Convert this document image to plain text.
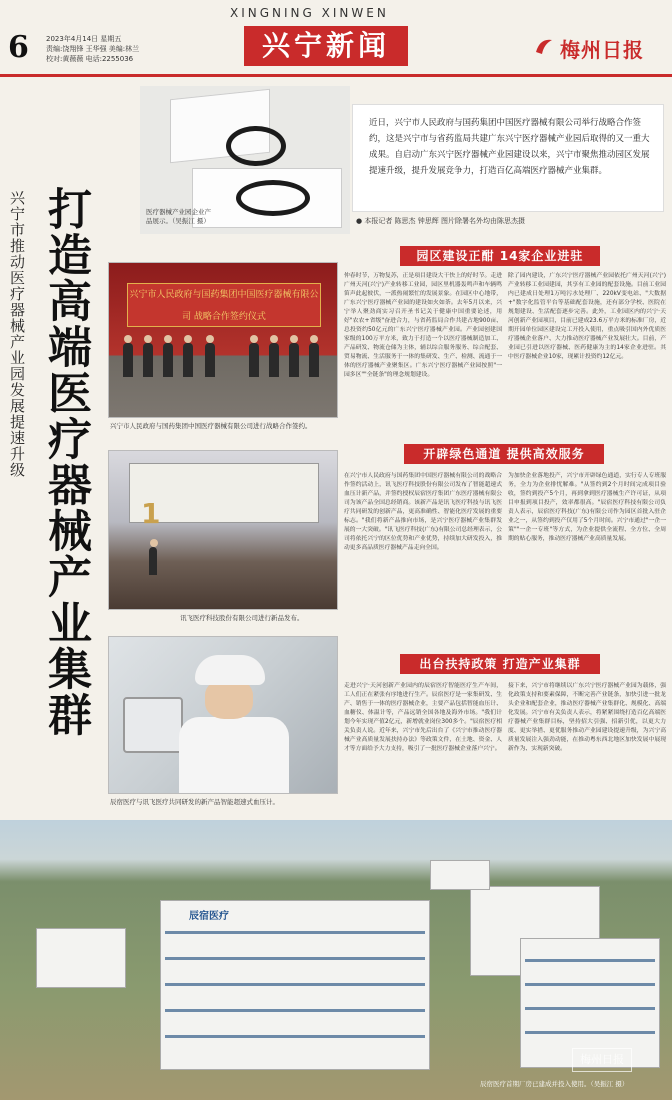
XINGNING XINWEN
6 2023年4月14日 星期五
责编:饶翔锋 王华强 美编:林兰
校对:黄薇薇 电话:2255036	兴宁新闻	梅州日报
兴宁市推动医疗器械产业园发展提速升级 打造高端医疗器械产业集群	医疗器械产业园企业产品展示。（吴振江 摄）
近日，兴宁市人民政府与国药集团中国医疗器械有限公司举行战略合作签约，这是兴宁市与省药监局共建广东兴宁医疗器械产业园后取得的又一重大成果。自启动广东兴宁医疗器械产业园建设以来，兴宁市聚焦推动园区发展提速升级，提升发展竞争力，打造百亿高端医疗器械产业集群。
● 本报记者 陈思杰 钟思辉 图片除署名外均由陈思杰摄
兴宁市人民政府与国药集团中国医疗器械有限公司 战略合作签约仪式
兴宁市人民政府与国药集团中国医疗器械有限公司进行战略合作签约。
1
讯飞医疗科技股份有限公司进行新品发布。
辰宿医疗与讯飞医疗共同研发的新产品智能超速式血压计。
园区建设正酣 14家企业进驻
仲春时节，万物复苏，正是项目建设大干快上的好时节。走进广州天河(兴宁)产业转移工业园，园区里机器轰鸣声和车辆鸣笛声此起彼伏，一派热闹繁忙的发展景象。在园区中心地带，广东兴宁医疗器械产业园的建设如火如荼。去年5月以来，兴宁举人聚劲商实习召开圣书记关于健康中国重要论述，用好"农农+省级"奋进合力，与省药监局合作共建占地900亩、总投资约50亿元的广东兴宁医疗器械产业园。产业园创建国家级的100万平方米，致力于打造一个以医疗器械制造加工、产品研发、物流仓储为主体，辅以综合服务服务、综合配套、贸易物流、生活服务于一体的集研发、生产、检测、流通于一体的医疗器械产业聚集区。广东兴宁医疗器械产业园按照"一园多区""全链条"的理念规划建设。
除了园内建设，广东兴宁医疗器械产业园依托广州天河(兴宁)产业转移工业园建园，其享有工业园的配套设施。目前工业园内已建成日处理1万吨污水处理厂、220kV变电站、"大数据+"数字化监管平台等基础配套设施，还有部分学校、医院在规划建设、生活配套逐步完善。此外，工业园区内的兴宁·天河创新产业园项目，目前已建成23.6万平方米的标准厂房，近期开园单位园区建设完工开投入使用，重点吸引国内外优质医疗器械企业落户、大力推动医疗器械产业发展壮大。目前，产业园已引进以医疗器械、医药健康为主的14家企业进驻。其中医疗器械企业10家，现累计投资约12亿元。
开辟绿色通道 提供高效服务
在兴宁市人民政府与国药集团中国医疗器械有限公司的战略合作签约活动上，讯飞医疗科技股份有限公司发布了智能超速式血压计新产品，并签约授权辰宿医疗集团广东医疗器械有限公司为该产品全国总经销商。该新产品是讯飞医疗科技与讯飞医疗共同研发的创新产品，更高准确性、智能化医疗发展的重要标志。"我们将新产品推向市场，是兴宁医疗器械产业集群发展的一大突破。"讯飞医疗科技(广东)有限公司总经理表示，公司将依托兴宁的区位优势和产业优势，持续加大研发投入，推动更多高品质医疗器械产品走向全国。
为加快企业落地投产，兴宁市开辟绿色通道，实行专人专班服务，全力为企业排忧解难。"从签约到2个月时间完成项目验收，签约到投产5个月，再到拿到医疗器械生产许可证，从项目申报到项目投产，效率都很高。"辰宿医疗科技有限公司负责人表示，辰宿医疗科技(广东)有限公司作为园区首批入驻企业之一，从签约到投产仅用了5个月时间。兴宁市通过"一企一策""一企一专班"等方式，为企业提供全流程、全方位、全周期的贴心服务，推动医疗器械产业高质量发展。
出台扶持政策 打造产业集群
走进兴宁·天河创新产业园内的辰宿医疗智能医疗生产车间，工人们正在紧张有序地进行生产。辰宿医疗是一家集研发、生产、销售于一体的医疗器械企业，主要产品包括智能血压计、血糖仪、体温计等，产品远销全国各地及海外市场。"我们计划今年实现产值2亿元，新增就业岗位300多个。"辰宿医疗相关负责人说。近年来，兴宁市先后出台了《兴宁市推动医疗器械产业高质量发展扶持办法》等政策文件，在土地、资金、人才等方面给予大力支持，吸引了一批医疗器械企业落户兴宁。
接下来，兴宁市将继续以广东兴宁医疗器械产业园为载体，强化政策支持和要素保障，不断完善产业链条，加快引进一批龙头企业和配套企业，推动医疗器械产业集群化、规模化、高端化发展。兴宁市有关负责人表示，将紧紧围绕打造百亿高端医疗器械产业集群目标，坚持招大引强、招新引优，以更大力度、更实举措、更优服务推动产业园建设提速升级，为兴宁高质量发展注入强劲动能，在推动粤东西北地区加快发展中展现新作为、实现新突破。
辰宿医疗
辰宿医疗首期厂房已建成并投入使用。（吴振江 摄）
梅州日报
